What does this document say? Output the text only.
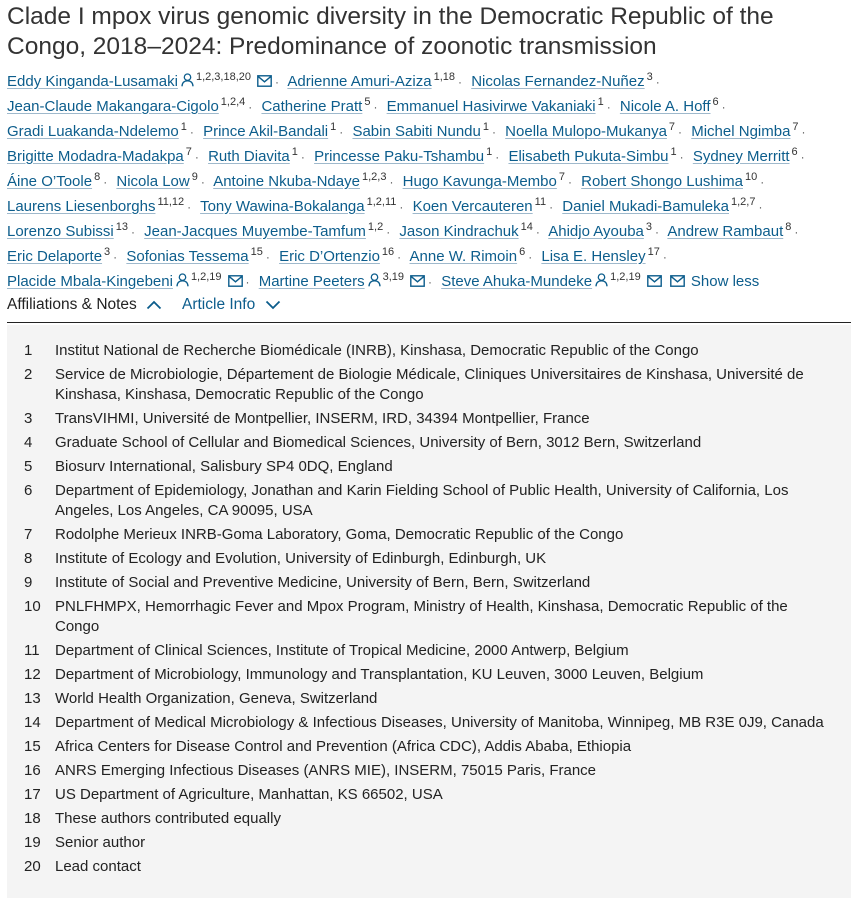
Clade I mpox virus genomic diversity in the Democratic Republic of the Congo, 2018–2024: Predominance of zoonotic transmission
Eddy Kinganda-Lusamaki $^{1,2,3,18,20}$ · Adrienne Amuri-Aziza $^{1,18}$ · Nicolas Fernandez-Nuñez $^3$ · Jean-Claude Makangara-Cigolo $^{1,2,4}$ · Catherine Pratt $^5$ · Emmanuel Hasivirwe Vakaniaki $^1$ · Nicole A. Hoff $^6$ · Gradi Luakanda-Ndelemo $^1$ · Prince Akil-Bandali $^1$ · Sabin Sabiti Nundu $^1$ · Noella Mulopo-Mukanya $^7$ · Michel Ngimba $^7$ · Brigitte Modadra-Madakpa $^7$ · Ruth Diavita $^1$ · Princesse Paku-Tshambu $^1$ · Elisabeth Pukuta-Simbu $^1$ · Sydney Merritt $^6$ · Áine O’Toole $^8$ · Nicola Low $^9$ · Antoine Nkuba-Ndaye $^{1,2,3}$ · Hugo Kavunga-Membo $^7$ · Robert Shongo Lushima $^{10}$ · Laurens Liesenborghs $^{11,12}$ · Tony Wawina-Bokalanga $^{1,2,11}$ · Koen Vercauteren $^{11}$ · Daniel Mukadi-Bamuleka $^{1,2,7}$ · Lorenzo Subissi $^{13}$ · Jean-Jacques Muyembe-Tamfum $^{1,2}$ · Jason Kindrachuk $^{14}$ · Ahidjo Ayouba $^3$ · Andrew Rambaut $^8$ · Eric Delaporte $^3$ · Sofonias Tessema $^{15}$ · Eric D’Ortenzio $^{16}$ · Anne W. Rimoin $^6$ · Lisa E. Hensley $^{17}$ · Placide Mbala-Kingebeni $^{1,2,19}$ · Martine Peeters $^{3,19}$ · Steve Ahuka-Mundeke $^{1,2,19}$	Show less
Affiliations & Notes	Article Info
1	Institut National de Recherche Biomédicale (INRB), Kinshasa, Democratic Republic of the Congo
2	Service de Microbiologie, Département de Biologie Médicale, Cliniques Universitaires de Kinshasa, Université de Kinshasa, Kinshasa, Democratic Republic of the Congo
3	TransVIHMI, Université de Montpellier, INSERM, IRD, 34394 Montpellier, France
4	Graduate School of Cellular and Biomedical Sciences, University of Bern, 3012 Bern, Switzerland
5	Biosurv International, Salisbury SP4 0DQ, England
6	Department of Epidemiology, Jonathan and Karin Fielding School of Public Health, University of California, Los Angeles, Los Angeles, CA 90095, USA
7	Rodolphe Merieux INRB-Goma Laboratory, Goma, Democratic Republic of the Congo
8	Institute of Ecology and Evolution, University of Edinburgh, Edinburgh, UK
9	Institute of Social and Preventive Medicine, University of Bern, Bern, Switzerland
10 PNLFHMPX, Hemorrhagic Fever and Mpox Program, Ministry of Health, Kinshasa, Democratic Republic of the Congo
11	Department of Clinical Sciences, Institute of Tropical Medicine, 2000 Antwerp, Belgium
12 Department of Microbiology, Immunology and Transplantation, KU Leuven, 3000 Leuven, Belgium
13 World Health Organization, Geneva, Switzerland
14 Department of Medical Microbiology & Infectious Diseases, University of Manitoba, Winnipeg, MB R3E 0J9, Canada
15 Africa Centers for Disease Control and Prevention (Africa CDC), Addis Ababa, Ethiopia
16 ANRS Emerging Infectious Diseases (ANRS MIE), INSERM, 75015 Paris, France
17 US Department of Agriculture, Manhattan, KS 66502, USA
18 These authors contributed equally
19 Senior author
20 Lead contact
